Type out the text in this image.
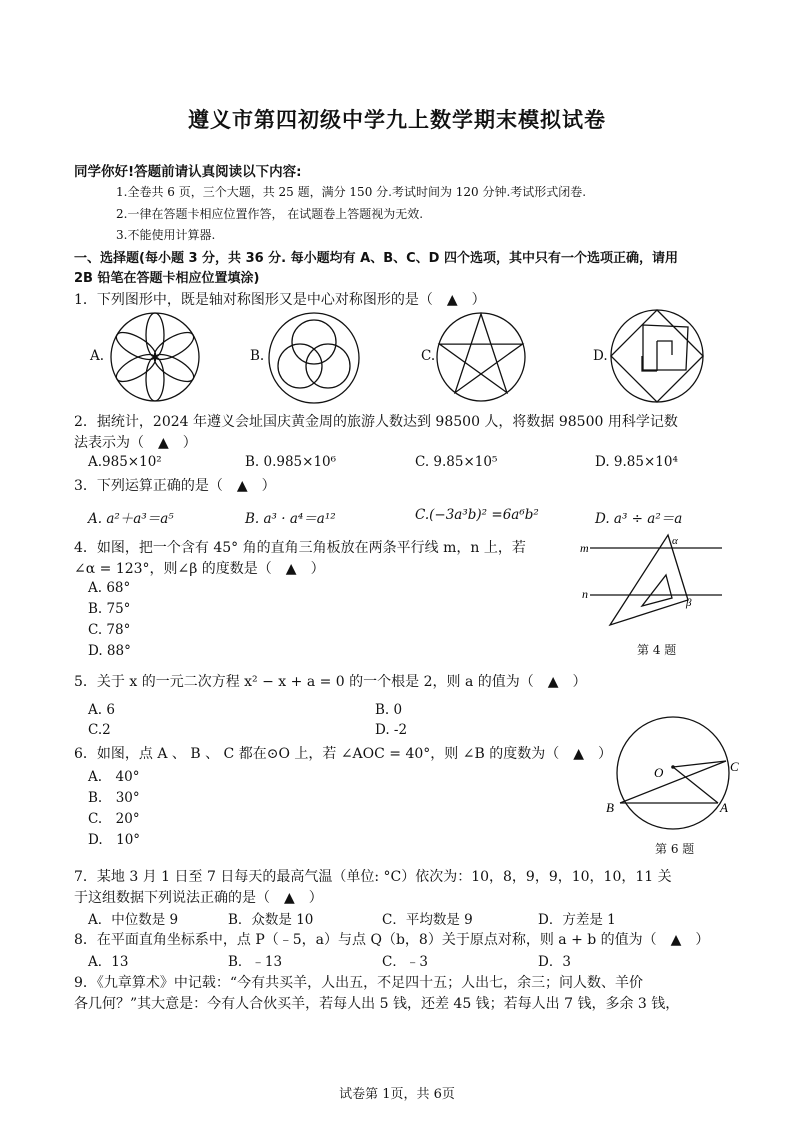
遵义市第四初级中学九上数学期末模拟试卷
同学你好!答题前请认真阅读以下内容:
1.全卷共 6 页，三个大题，共 25 题，满分 150 分.考试时间为 120 分钟.考试形式闭卷.
2.一律在答题卡相应位置作答， 在试题卷上答题视为无效.
3.不能使用计算器.
一、选择题(每小题 3 分，共 36 分. 每小题均有 A、B、C、D 四个选项，其中只有一个选项正确，请用
2B 铅笔在答题卡相应位置填涂)
1．下列图形中，既是轴对称图形又是中心对称图形的是（　▲　）
A.	B.	C.	D.
2．据统计，2024 年遵义会址国庆黄金周的旅游人数达到 98500 人，将数据 98500 用科学记数
法表示为（　▲　）
A.985×10²	B. 0.985×10⁶	C. 9.85×10⁵	D. 9.85×10⁴
3．下列运算正确的是（　▲　）
A. a²＋a³＝a⁵	B. a³ · a⁴＝a¹²	C.(−3a³b)² =6a⁶b²	D. a³ ÷ a²＝a
4．如图，把一个含有 45° 角的直角三角板放在两条平行线 m，n 上，若
∠α = 123°，则∠β 的度数是（　▲　）
A. 68°
B. 75°
C. 78°
D. 88°
m
n
α
β
第 4 题
5．关于 x 的一元二次方程 x² − x + a = 0 的一个根是 2，则 a 的值为（　▲　）
A. 6	B. 0
C.2	D. -2
6．如图，点 A 、 B 、 C 都在⊙O 上，若 ∠AOC = 40°，则 ∠B 的度数为（　▲　）
A.　40°
B.　30°
C.　20°
D.　10°
O	C
B	A
第 6 题
7．某地 3 月 1 日至 7 日每天的最高气温（单位: °C）依次为：10，8，9，9，10，10，11 关
于这组数据下列说法正确的是（　▲　）
A．中位数是 9	B．众数是 10	C．平均数是 9	D．方差是 1
8．在平面直角坐标系中，点 P（﹣5，a）与点 Q（b，8）关于原点对称，则 a + b 的值为（　▲　）
A．13	B．﹣13	C．﹣3	D．3
9．《九章算术》中记载：“今有共买羊，人出五，不足四十五；人出七，余三；问人数、羊价
各几何？”其大意是：今有人合伙买羊，若每人出 5 钱，还差 45 钱；若每人出 7 钱，多余 3 钱，
试卷第 1页，共 6页
